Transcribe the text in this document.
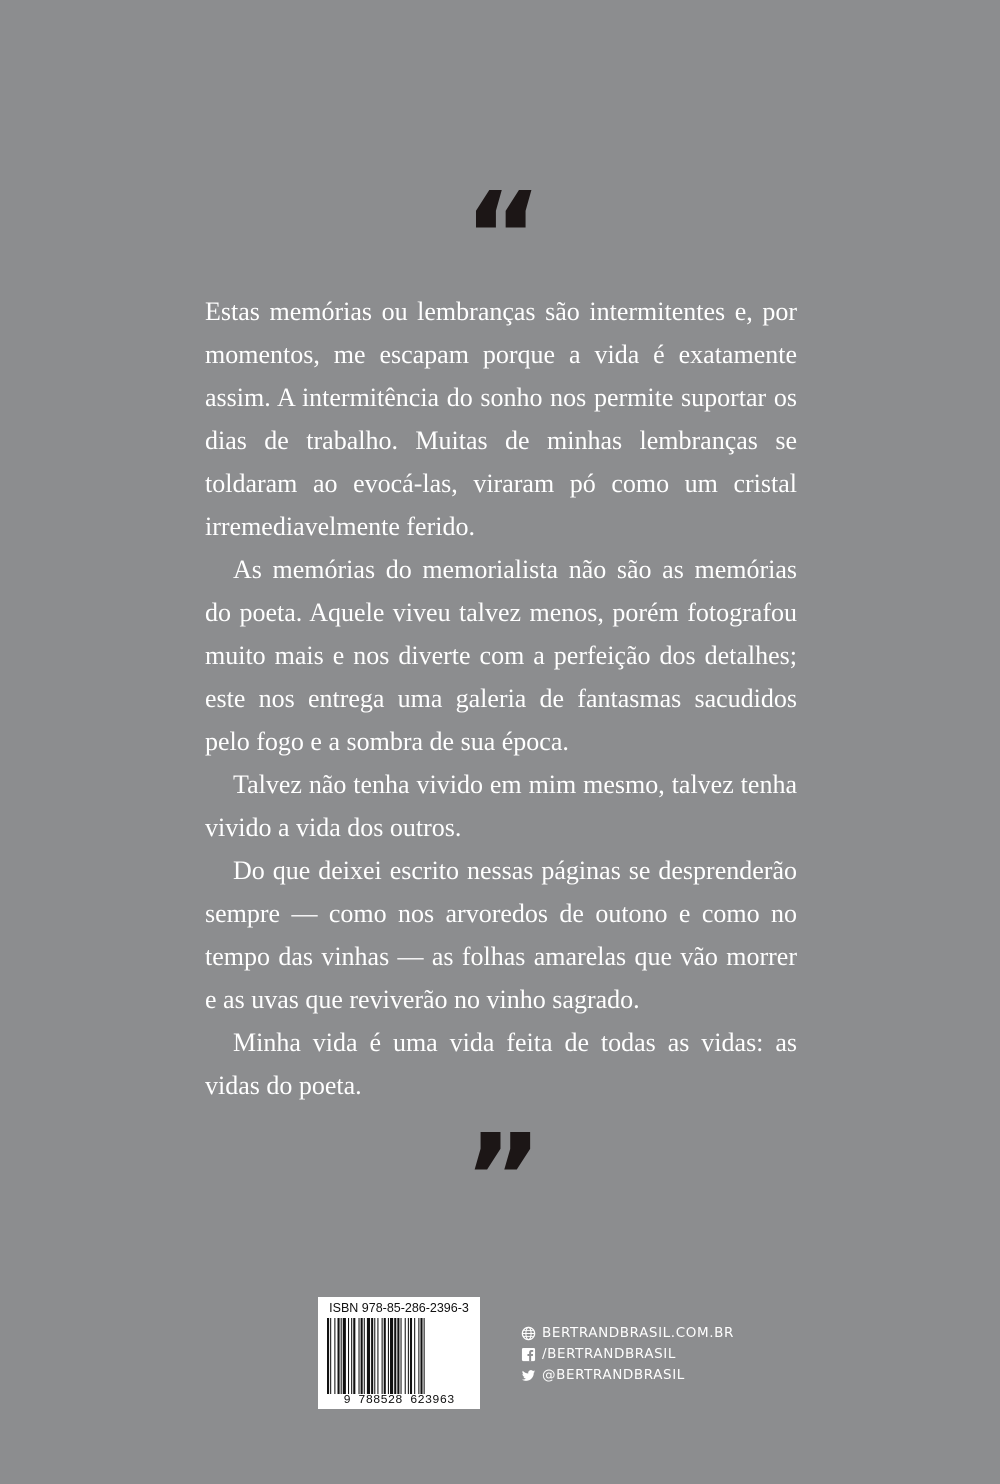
“

Estas memórias ou lembranças são intermitentes e, por momentos, me escapam porque a vida é exatamente assim. A intermitência do sonho nos permite suportar os dias de trabalho. Muitas de minhas lembranças se toldaram ao evocá-las, viraram pó como um cristal irremediavelmente ferido.

As memórias do memorialista não são as memórias do poeta. Aquele viveu talvez menos, porém fotografou muito mais e nos diverte com a perfeição dos detalhes; este nos entrega uma galeria de fantasmas sacudidos pelo fogo e a sombra de sua época.

Talvez não tenha vivido em mim mesmo, talvez tenha vivido a vida dos outros.

Do que deixei escrito nessas páginas se desprenderão sempre — como nos arvoredos de outono e como no tempo das vinhas — as folhas amarelas que vão morrer e as uvas que reviverão no vinho sagrado.

Minha vida é uma vida feita de todas as vidas: as vidas do poeta.

”
ISBN 978-85-286-2396-3
9 788528 623963
BERTRANDBRASIL.COM.BR
/BERTRANDBRASIL
@BERTRANDBRASIL
